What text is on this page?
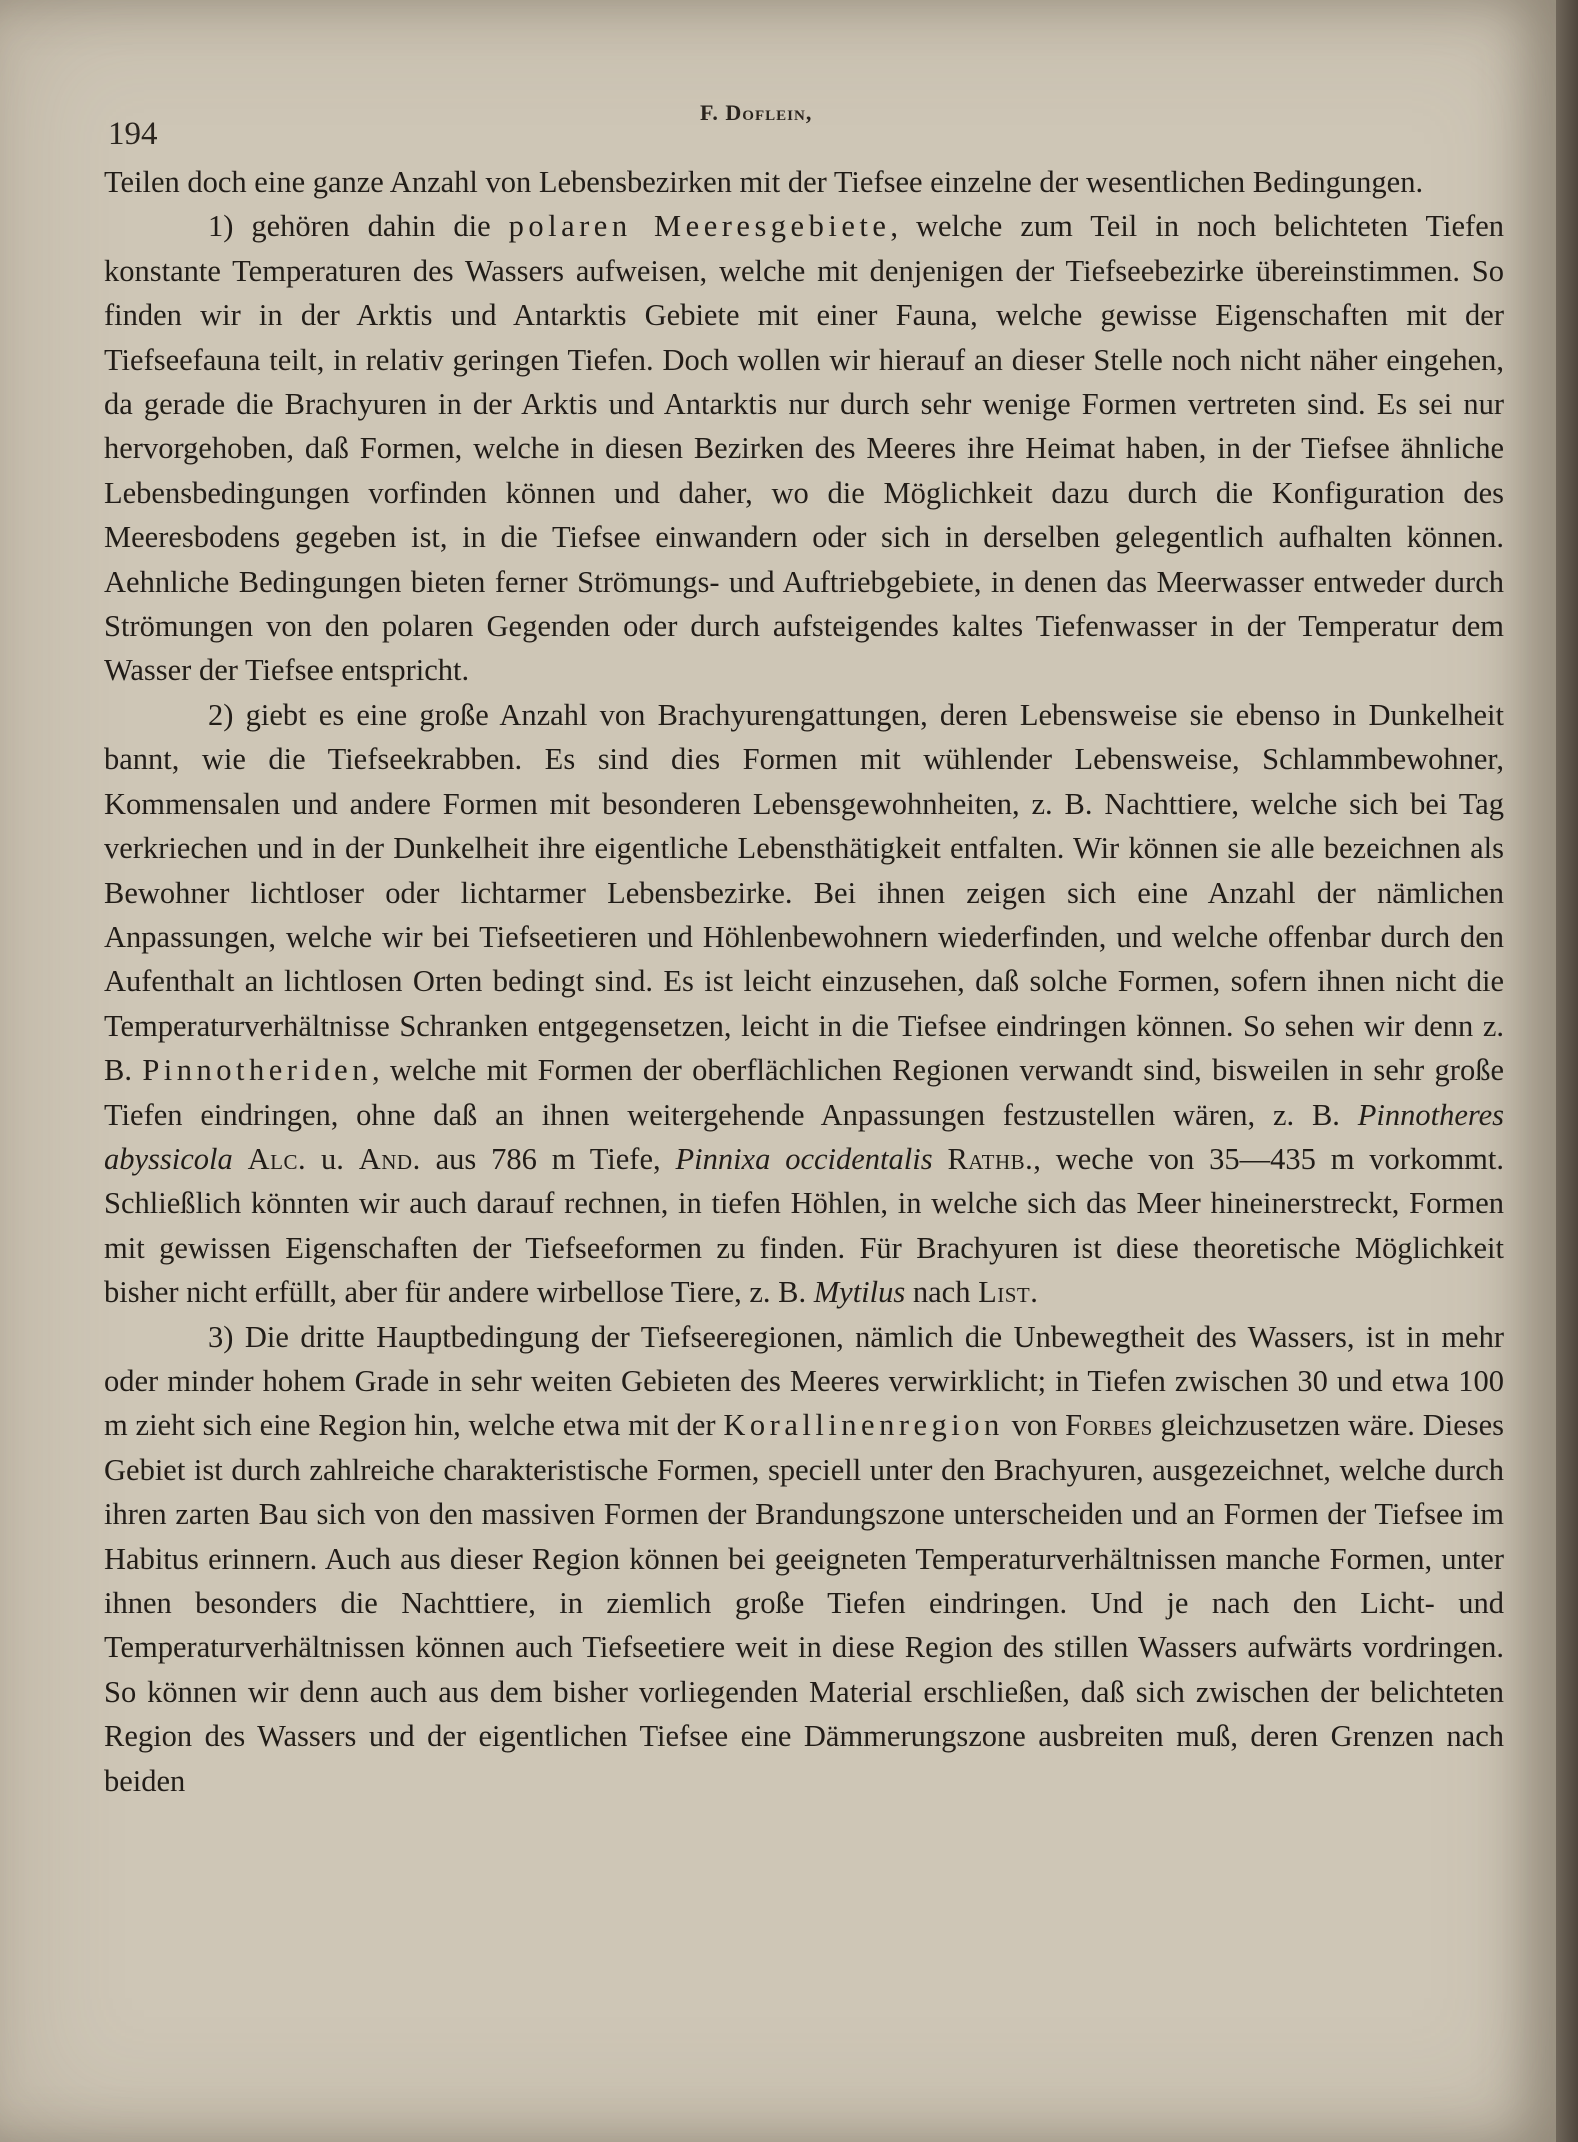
194
F. Doflein,

Teilen doch eine ganze Anzahl von Lebensbezirken mit der Tiefsee einzelne der wesentlichen Bedingungen.

1) gehören dahin die polaren Meeresgebiete, welche zum Teil in noch belichteten Tiefen konstante Temperaturen des Wassers aufweisen, welche mit denjenigen der Tiefseebezirke übereinstimmen. So finden wir in der Arktis und Antarktis Gebiete mit einer Fauna, welche gewisse Eigenschaften mit der Tiefseefauna teilt, in relativ geringen Tiefen. Doch wollen wir hierauf an dieser Stelle noch nicht näher eingehen, da gerade die Brachyuren in der Arktis und Antarktis nur durch sehr wenige Formen vertreten sind. Es sei nur hervorgehoben, daß Formen, welche in diesen Bezirken des Meeres ihre Heimat haben, in der Tiefsee ähnliche Lebensbedingungen vorfinden können und daher, wo die Möglichkeit dazu durch die Konfiguration des Meeresbodens gegeben ist, in die Tiefsee einwandern oder sich in derselben gelegentlich aufhalten können. Aehnliche Bedingungen bieten ferner Strömungs- und Auftriebgebiete, in denen das Meerwasser entweder durch Strömungen von den polaren Gegenden oder durch aufsteigendes kaltes Tiefenwasser in der Temperatur dem Wasser der Tiefsee entspricht.

2) giebt es eine große Anzahl von Brachyurengattungen, deren Lebensweise sie ebenso in Dunkelheit bannt, wie die Tiefseekrabben. Es sind dies Formen mit wühlender Lebensweise, Schlammbewohner, Kommensalen und andere Formen mit besonderen Lebensgewohnheiten, z. B. Nachttiere, welche sich bei Tag verkriechen und in der Dunkelheit ihre eigentliche Lebensthätigkeit entfalten. Wir können sie alle bezeichnen als Bewohner lichtloser oder lichtarmer Lebensbezirke. Bei ihnen zeigen sich eine Anzahl der nämlichen Anpassungen, welche wir bei Tiefseetieren und Höhlenbewohnern wiederfinden, und welche offenbar durch den Aufenthalt an lichtlosen Orten bedingt sind. Es ist leicht einzusehen, daß solche Formen, sofern ihnen nicht die Temperaturverhältnisse Schranken entgegensetzen, leicht in die Tiefsee eindringen können. So sehen wir denn z. B. Pinnotheriden, welche mit Formen der oberflächlichen Regionen verwandt sind, bisweilen in sehr große Tiefen eindringen, ohne daß an ihnen weitergehende Anpassungen festzustellen wären, z. B. Pinnotheres abyssicola Alc. u. And. aus 786 m Tiefe, Pinnixa occidentalis Rathb., weche von 35—435 m vorkommt. Schließlich könnten wir auch darauf rechnen, in tiefen Höhlen, in welche sich das Meer hineinerstreckt, Formen mit gewissen Eigenschaften der Tiefseeformen zu finden. Für Brachyuren ist diese theoretische Möglichkeit bisher nicht erfüllt, aber für andere wirbellose Tiere, z. B. Mytilus nach List.

3) Die dritte Hauptbedingung der Tiefseeregionen, nämlich die Unbewegtheit des Wassers, ist in mehr oder minder hohem Grade in sehr weiten Gebieten des Meeres verwirklicht; in Tiefen zwischen 30 und etwa 100 m zieht sich eine Region hin, welche etwa mit der Korallinenregion von Forbes gleichzusetzen wäre. Dieses Gebiet ist durch zahlreiche charakteristische Formen, speciell unter den Brachyuren, ausgezeichnet, welche durch ihren zarten Bau sich von den massiven Formen der Brandungszone unterscheiden und an Formen der Tiefsee im Habitus erinnern. Auch aus dieser Region können bei geeigneten Temperaturverhältnissen manche Formen, unter ihnen besonders die Nachttiere, in ziemlich große Tiefen eindringen. Und je nach den Licht- und Temperaturverhältnissen können auch Tiefseetiere weit in diese Region des stillen Wassers aufwärts vordringen. So können wir denn auch aus dem bisher vorliegenden Material erschließen, daß sich zwischen der belichteten Region des Wassers und der eigentlichen Tiefsee eine Dämmerungszone ausbreiten muß, deren Grenzen nach beiden
